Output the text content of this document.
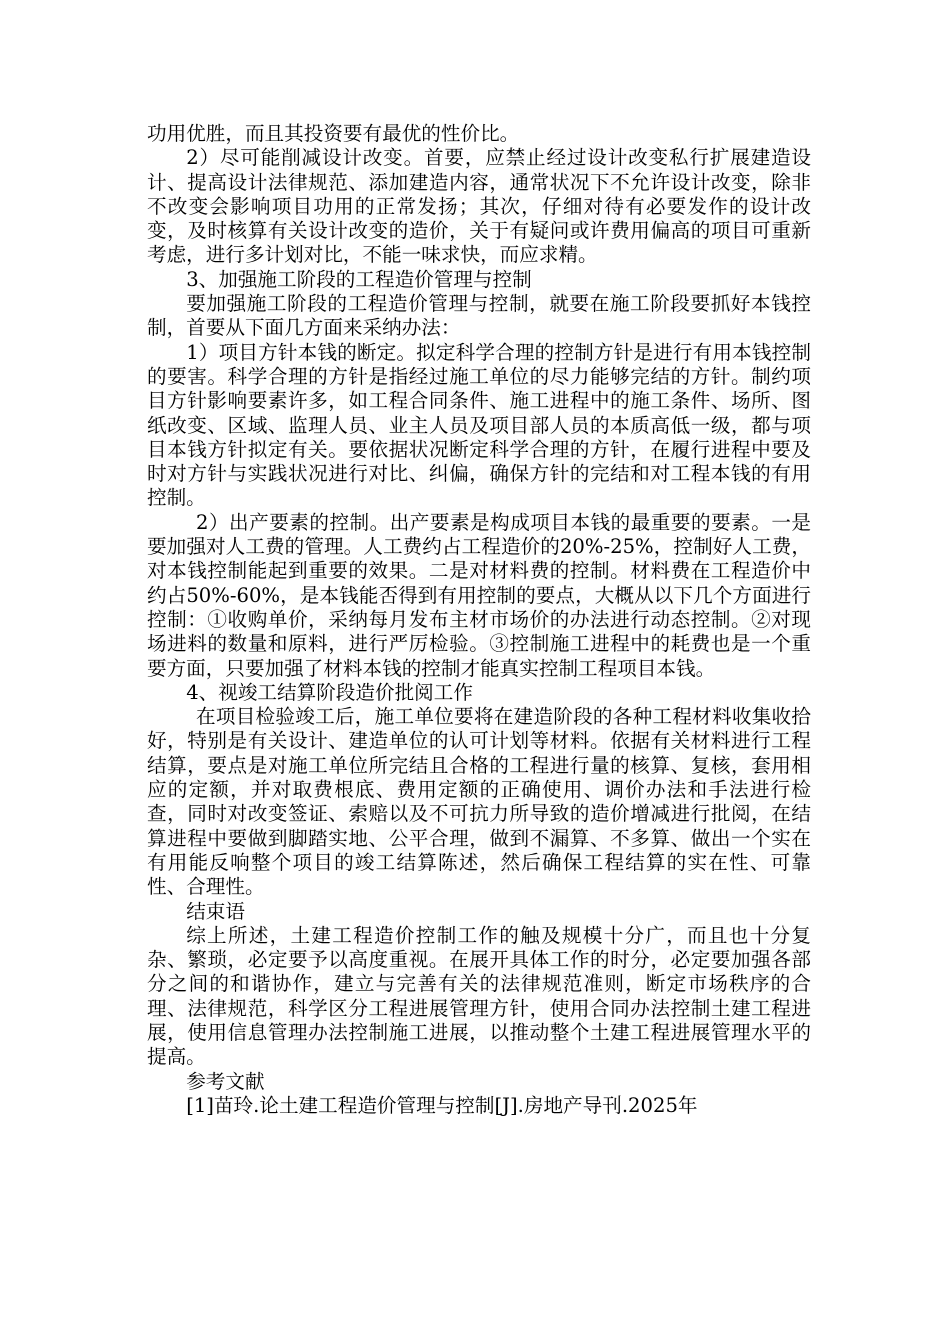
功用优胜，而且其投资要有最优的性价比。

2）尽可能削减设计改变。首要，应禁止经过设计改变私行扩展建造设计、提高设计法律规范、添加建造内容，通常状况下不允许设计改变，除非不改变会影响项目功用的正常发扬；其次，仔细对待有必要发作的设计改变，及时核算有关设计改变的造价，关于有疑问或许费用偏高的项目可重新考虑，进行多计划对比，不能一味求快，而应求精。

3、加强施工阶段的工程造价管理与控制

要加强施工阶段的工程造价管理与控制，就要在施工阶段要抓好本钱控制，首要从下面几方面来采纳办法：

1）项目方针本钱的断定。拟定科学合理的控制方针是进行有用本钱控制的要害。科学合理的方针是指经过施工单位的尽力能够完结的方针。制约项目方针影响要素许多，如工程合同条件、施工进程中的施工条件、场所、图纸改变、区域、监理人员、业主人员及项目部人员的本质高低一级，都与项目本钱方针拟定有关。要依据状况断定科学合理的方针，在履行进程中要及时对方针与实践状况进行对比、纠偏，确保方针的完结和对工程本钱的有用控制。

2）出产要素的控制。出产要素是构成项目本钱的最重要的要素。一是要加强对人工费的管理。人工费约占工程造价的20%-25%，控制好人工费，对本钱控制能起到重要的效果。二是对材料费的控制。材料费在工程造价中约占50%-60%，是本钱能否得到有用控制的要点，大概从以下几个方面进行控制：①收购单价，采纳每月发布主材市场价的办法进行动态控制。②对现场进料的数量和原料，进行严厉检验。③控制施工进程中的耗费也是一个重要方面，只要加强了材料本钱的控制才能真实控制工程项目本钱。

4、视竣工结算阶段造价批阅工作

在项目检验竣工后，施工单位要将在建造阶段的各种工程材料收集收拾好，特别是有关设计、建造单位的认可计划等材料。依据有关材料进行工程结算，要点是对施工单位所完结且合格的工程进行量的核算、复核，套用相应的定额，并对取费根底、费用定额的正确使用、调价办法和手法进行检查，同时对改变签证、索赔以及不可抗力所导致的造价增减进行批阅，在结算进程中要做到脚踏实地、公平合理，做到不漏算、不多算、做出一个实在有用能反响整个项目的竣工结算陈述，然后确保工程结算的实在性、可靠性、合理性。

结束语

综上所述，土建工程造价控制工作的触及规模十分广，而且也十分复杂、繁琐，必定要予以高度重视。在展开具体工作的时分，必定要加强各部分之间的和谐协作，建立与完善有关的法律规范准则，断定市场秩序的合理、法律规范，科学区分工程进展管理方针，使用合同办法控制土建工程进展，使用信息管理办法控制施工进展，以推动整个土建工程进展管理水平的提高。

参考文献

[1]苗玲.论土建工程造价管理与控制[J].房地产导刊.2025年
